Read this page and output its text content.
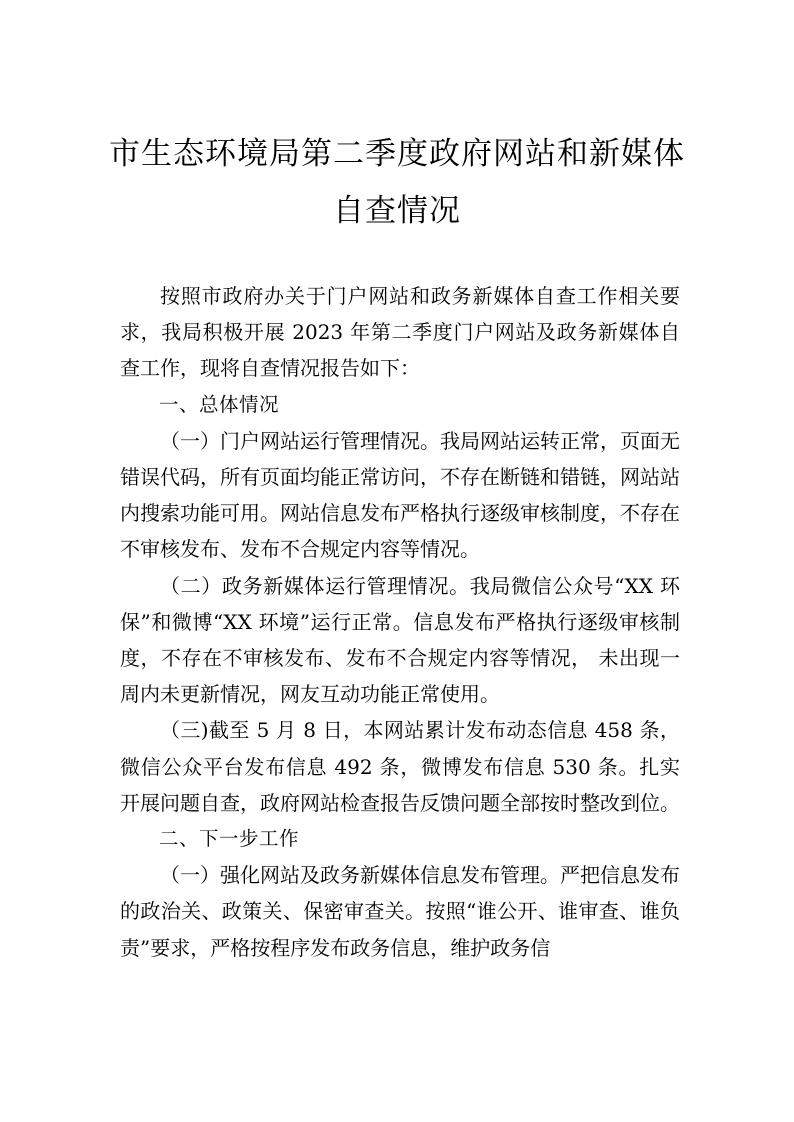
市生态环境局第二季度政府网站和新媒体
自查情况

按照市政府办关于门户网站和政务新媒体自查工作相关要求，我局积极开展 2023 年第二季度门户网站及政务新媒体自查工作，现将自查情况报告如下：

一、总体情况

（一）门户网站运行管理情况。我局网站运转正常，页面无错误代码，所有页面均能正常访问，不存在断链和错链，网站站内搜索功能可用。网站信息发布严格执行逐级审核制度，不存在不审核发布、发布不合规定内容等情况。

（二）政务新媒体运行管理情况。我局微信公众号“XX 环保”和微博“XX 环境”运行正常。信息发布严格执行逐级审核制度，不存在不审核发布、发布不合规定内容等情况， 未出现一周内未更新情况，网友互动功能正常使用。

（三)截至 5 月 8 日，本网站累计发布动态信息 458 条，微信公众平台发布信息 492 条，微博发布信息 530 条。扎实开展问题自查，政府网站检查报告反馈问题全部按时整改到位。

二、下一步工作

（一）强化网站及政务新媒体信息发布管理。严把信息发布的政治关、政策关、保密审查关。按照“谁公开、谁审查、谁负责”要求，严格按程序发布政务信息，维护政务信
